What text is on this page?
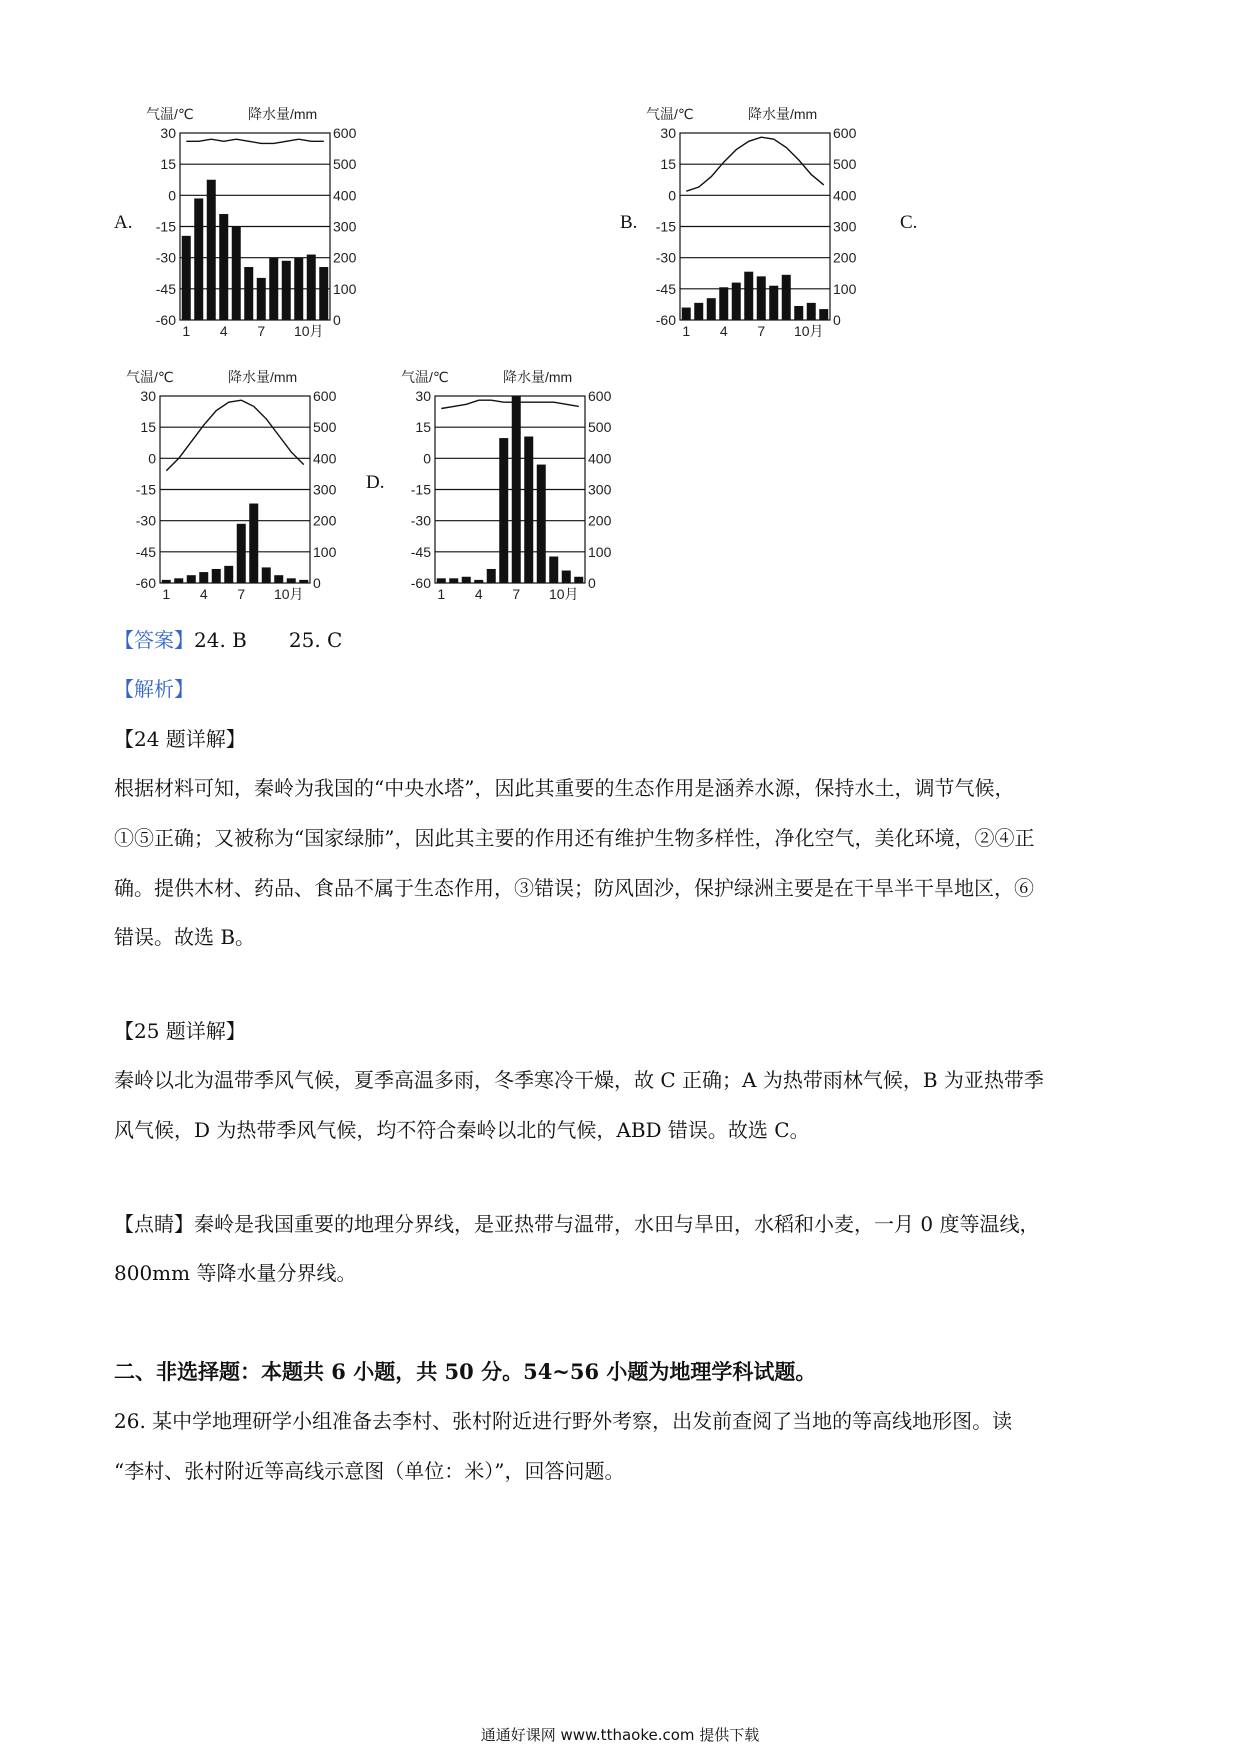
气温/℃	降水量/mm
30
15
0
-15
-30
-45
-60
600
500
400
300
200
100
0
1 4 7 10月
A.
气温/℃	降水量/mm
30
15
0
-15
-30
-45
-60
600
500
400
300
200
100
0
1 4 7 10月
B.	C.
气温/℃	降水量/mm
30
15
0
-15
-30
-45
-60
600
500
400
300
200
100
0
1 4 7 10月
气温/℃	降水量/mm
30
15
0
-15
-30
-45
-60
600
500
400
300
200
100
0
1 4 7 10月
D.
【答案】24. B 25. C
【解析】
【24 题详解】
根据材料可知，秦岭为我国的“中央水塔”，因此其重要的生态作用是涵养水源，保持水土，调节气候，
①⑤正确；又被称为“国家绿肺”，因此其主要的作用还有维护生物多样性，净化空气，美化环境，②④正
确。提供木材、药品、食品不属于生态作用，③错误；防风固沙，保护绿洲主要是在干旱半干旱地区，⑥
错误。故选 B。
【25 题详解】
秦岭以北为温带季风气候，夏季高温多雨，冬季寒冷干燥，故 C 正确；A 为热带雨林气候，B 为亚热带季
风气候，D 为热带季风气候，均不符合秦岭以北的气候，ABD 错误。故选 C。
【点睛】秦岭是我国重要的地理分界线，是亚热带与温带，水田与旱田，水稻和小麦，一月 0 度等温线，
800mm 等降水量分界线。
二、非选择题：本题共 6 小题，共 50 分。54~56 小题为地理学科试题。
26. 某中学地理研学小组准备去李村、张村附近进行野外考察，出发前查阅了当地的等高线地形图。读
“李村、张村附近等高线示意图（单位：米）”，回答问题。
通通好课网 www.tthaoke.com 提供下载
